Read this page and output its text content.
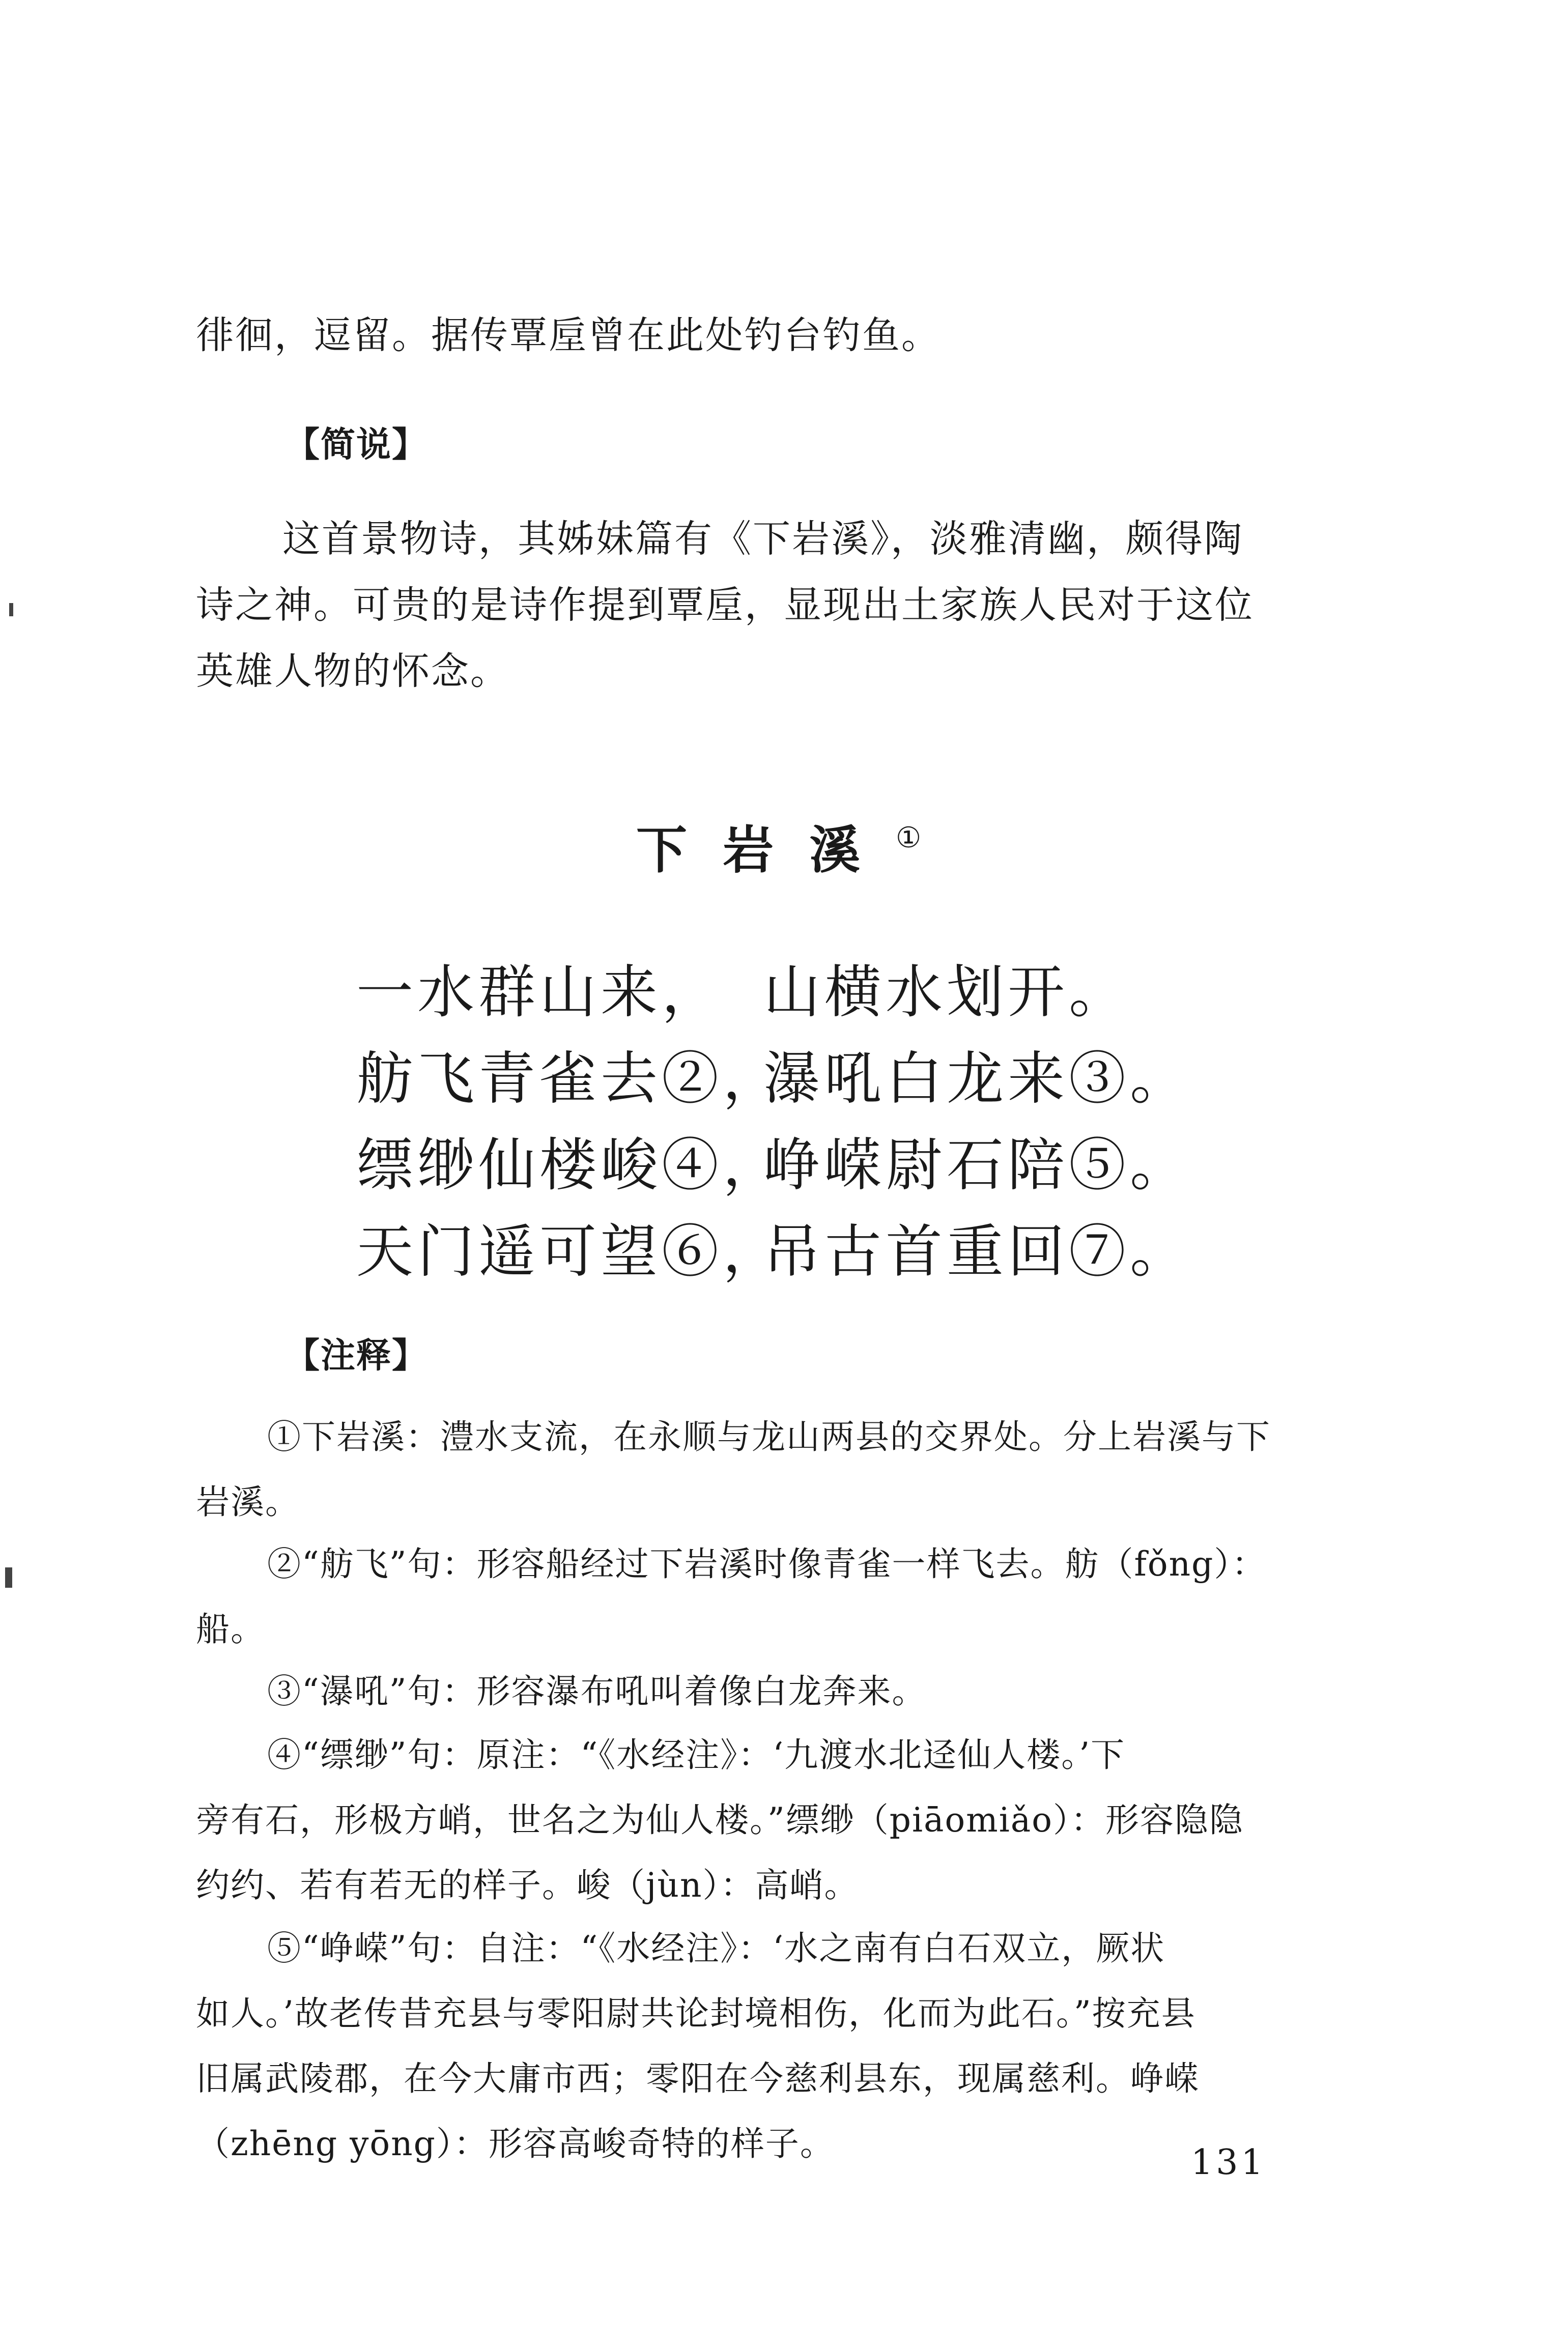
徘徊，逗留。据传覃垕曾在此处钓台钓鱼。
【简说】
这首景物诗，其姊妹篇有《下岩溪》，淡雅清幽，颇得陶
诗之神。可贵的是诗作提到覃垕，显现出土家族人民对于这位
英雄人物的怀念。
下岩溪①
一水群山来， 山横水划开。
舫飞青雀去②，瀑吼白龙来③。
缥缈仙楼峻④，峥嵘尉石陪⑤。
天门遥可望⑥，吊古首重回⑦。
【注释】
①下岩溪：澧水支流，在永顺与龙山两县的交界处。分上岩溪与下
岩溪。
②“舫飞”句：形容船经过下岩溪时像青雀一样飞去。舫（fǒng）：
船。
③“瀑吼”句：形容瀑布吼叫着像白龙奔来。
④“缥缈”句：原注：“《水经注》：‘九渡水北迳仙人楼。’下
旁有石，形极方峭，世名之为仙人楼。”缥缈（piāomiǎo）：形容隐隐
约约、若有若无的样子。峻（jùn）：高峭。
⑤“峥嵘”句：自注：“《水经注》：‘水之南有白石双立，厥状
如人。’故老传昔充县与零阳尉共论封境相伤，化而为此石。”按充县
旧属武陵郡，在今大庸市西；零阳在今慈利县东，现属慈利。峥嵘
（zhēng yōng）：形容高峻奇特的样子。	131
